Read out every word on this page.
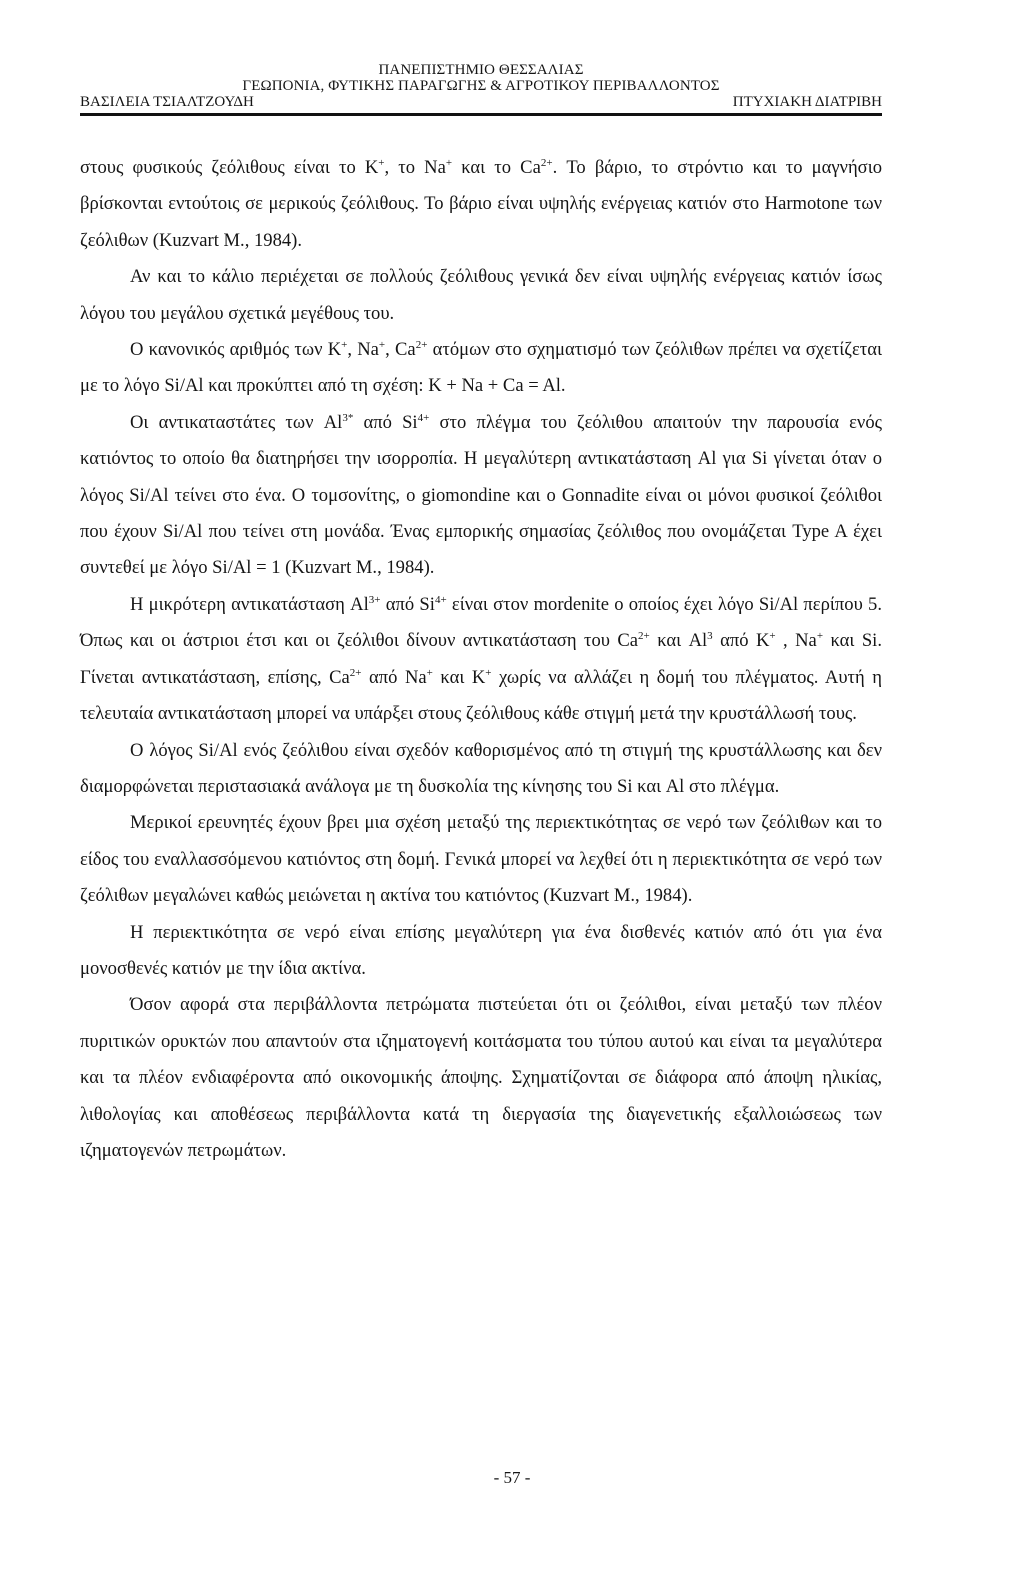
ΠΑΝΕΠΙΣΤΗΜΙΟ ΘΕΣΣΑΛΙΑΣ
ΓΕΩΠΟΝΙΑ, ΦΥΤΙΚΗΣ ΠΑΡΑΓΩΓΗΣ & ΑΓΡΟΤΙΚΟΥ ΠΕΡΙΒΑΛΛΟΝΤΟΣ
ΒΑΣΙΛΕΙΑ ΤΣΙΑΛΤΖΟΥΔΗ	ΠΤΥΧΙΑΚΗ ΔΙΑΤΡΙΒΗ

στους φυσικούς ζεόλιθους είναι το K+, το Na+ και το $Ca^{2+}$. Το βάριο, το στρόντιο και το μαγνήσιο βρίσκονται εντούτοις σε μερικούς ζεόλιθους. Το βάριο είναι υψηλής ενέργειας κατιόν στο Harmotone των ζεόλιθων (Kuzvart M., 1984).

Αν και το κάλιο περιέχεται σε πολλούς ζεόλιθους γενικά δεν είναι υψηλής ενέργειας κατιόν ίσως λόγου του μεγάλου σχετικά μεγέθους του.

Ο κανονικός αριθμός των K+, Na+, $Ca^{2+}$ ατόμων στο σχηματισμό των ζεόλιθων πρέπει να σχετίζεται με το λόγο Si/Al και προκύπτει από τη σχέση: K + Na + Ca = Al.

Οι αντικαταστάτες των $Al^{3*}$ από $Si^{4+}$ στο πλέγμα του ζεόλιθου απαιτούν την παρουσία ενός κατιόντος το οποίο θα διατηρήσει την ισορροπία. Η μεγαλύτερη αντικατάσταση Al για Si γίνεται όταν ο λόγος Si/Al τείνει στο ένα. Ο τομσονίτης, ο giomondine και ο Gonnadite είναι οι μόνοι φυσικοί ζεόλιθοι που έχουν Si/Al που τείνει στη μονάδα. Ένας εμπορικής σημασίας ζεόλιθος που ονομάζεται Type A έχει συντεθεί με λόγο Si/Al = 1 (Kuzvart M., 1984).

Η μικρότερη αντικατάσταση $Al^{3+}$ από $Si^{4+}$ είναι στον mordenite ο οποίος έχει λόγο Si/Al περίπου 5. Όπως και οι άστριοι έτσι και οι ζεόλιθοι δίνουν αντικατάσταση του $Ca^{2+}$ και Al$^3$ από K+ , Na+ και Si. Γίνεται αντικατάσταση, επίσης, $Ca^{2+}$ από Na+ και K+ χωρίς να αλλάζει η δομή του πλέγματος. Αυτή η τελευταία αντικατάσταση μπορεί να υπάρξει στους ζεόλιθους κάθε στιγμή μετά την κρυστάλλωσή τους.

Ο λόγος Si/Al ενός ζεόλιθου είναι σχεδόν καθορισμένος από τη στιγμή της κρυστάλλωσης και δεν διαμορφώνεται περιστασιακά ανάλογα με τη δυσκολία της κίνησης του Si και Al στο πλέγμα.

Μερικοί ερευνητές έχουν βρει μια σχέση μεταξύ της περιεκτικότητας σε νερό των ζεόλιθων και το είδος του εναλλασσόμενου κατιόντος στη δομή. Γενικά μπορεί να λεχθεί ότι η περιεκτικότητα σε νερό των ζεόλιθων μεγαλώνει καθώς μειώνεται η ακτίνα του κατιόντος (Kuzvart M., 1984).

Η περιεκτικότητα σε νερό είναι επίσης μεγαλύτερη για ένα δισθενές κατιόν από ότι για ένα μονοσθενές κατιόν με την ίδια ακτίνα.

Όσον αφορά στα περιβάλλοντα πετρώματα πιστεύεται ότι οι ζεόλιθοι, είναι μεταξύ των πλέον πυριτικών ορυκτών που απαντούν στα ιζηματογενή κοιτάσματα του τύπου αυτού και είναι τα μεγαλύτερα και τα πλέον ενδιαφέροντα από οικονομικής άποψης. Σχηματίζονται σε διάφορα από άποψη ηλικίας, λιθολογίας και αποθέσεως περιβάλλοντα κατά τη διεργασία της διαγενετικής εξαλλοιώσεως των ιζηματογενών πετρωμάτων.

- 57 -
